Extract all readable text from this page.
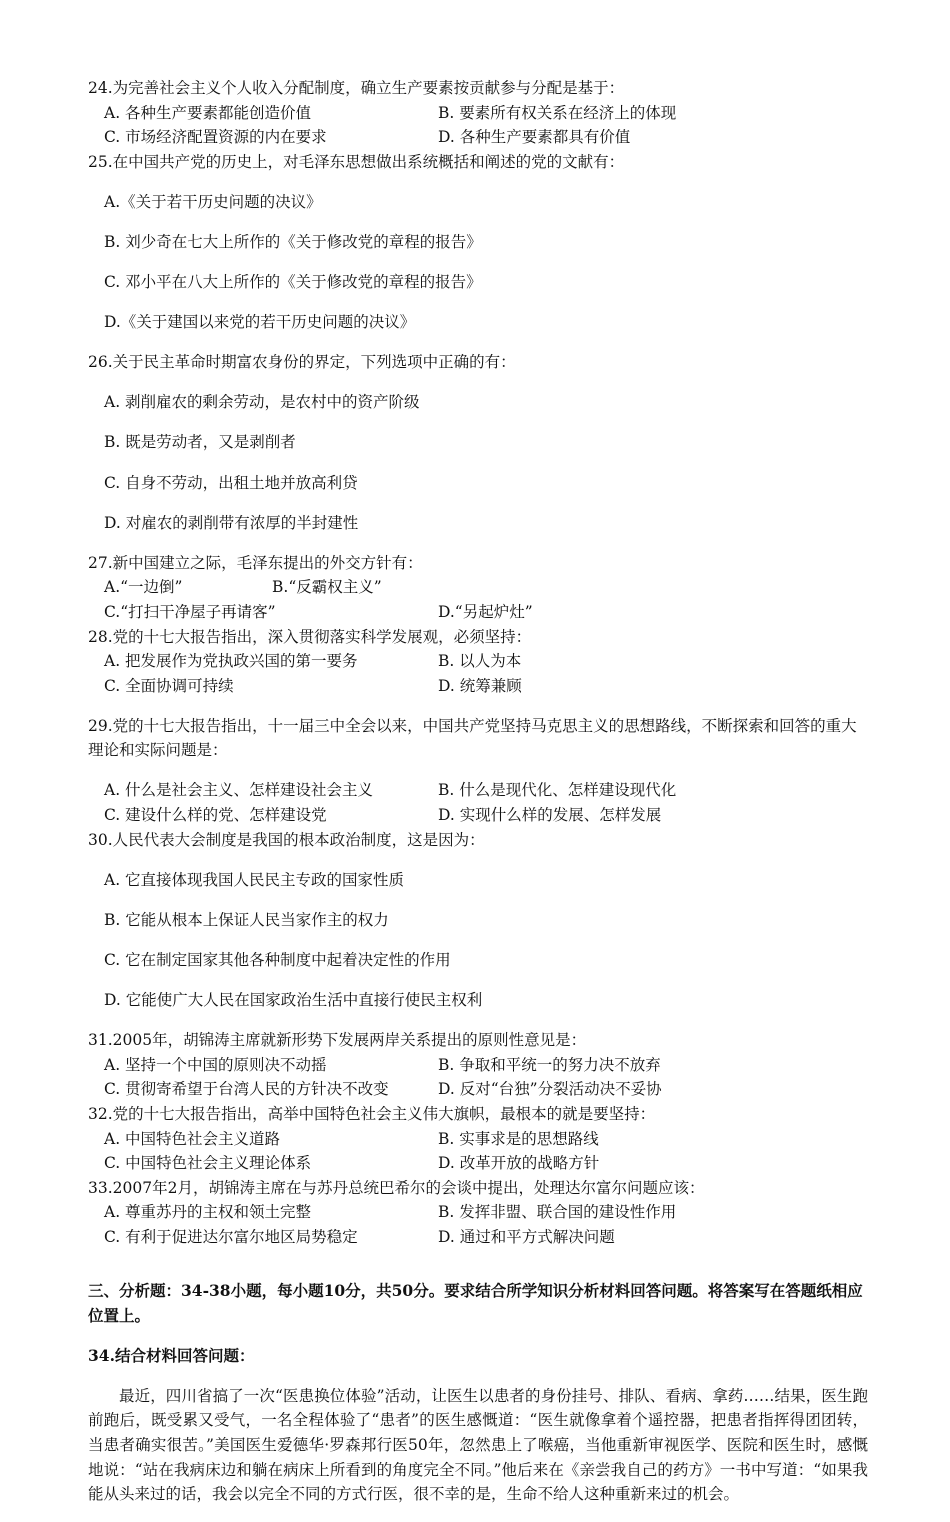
24.为完善社会主义个人收入分配制度，确立生产要素按贡献参与分配是基于：

A. 各种生产要素都能创造价值	B. 要素所有权关系在经济上的体现
C. 市场经济配置资源的内在要求	D. 各种生产要素都具有价值

25.在中国共产党的历史上，对毛泽东思想做出系统概括和阐述的党的文献有：

A.《关于若干历史问题的决议》

B. 刘少奇在七大上所作的《关于修改党的章程的报告》

C. 邓小平在八大上所作的《关于修改党的章程的报告》

D.《关于建国以来党的若干历史问题的决议》

26.关于民主革命时期富农身份的界定，下列选项中正确的有：

A. 剥削雇农的剩余劳动，是农村中的资产阶级

B. 既是劳动者，又是剥削者

C. 自身不劳动，出租土地并放高利贷

D. 对雇农的剥削带有浓厚的半封建性

27.新中国建立之际，毛泽东提出的外交方针有：

A.“一边倒”	B.“反霸权主义”
C.“打扫干净屋子再请客”	D.“另起炉灶”

28.党的十七大报告指出，深入贯彻落实科学发展观，必须坚持：

A. 把发展作为党执政兴国的第一要务	B. 以人为本
C. 全面协调可持续	D. 统筹兼顾

29.党的十七大报告指出，十一届三中全会以来，中国共产党坚持马克思主义的思想路线，不断探索和回答的重大理论和实际问题是：

A. 什么是社会主义、怎样建设社会主义	B. 什么是现代化、怎样建设现代化
C. 建设什么样的党、怎样建设党	D. 实现什么样的发展、怎样发展

30.人民代表大会制度是我国的根本政治制度，这是因为：

A. 它直接体现我国人民民主专政的国家性质

B. 它能从根本上保证人民当家作主的权力

C. 它在制定国家其他各种制度中起着决定性的作用

D. 它能使广大人民在国家政治生活中直接行使民主权利

31.2005年，胡锦涛主席就新形势下发展两岸关系提出的原则性意见是：

A. 坚持一个中国的原则决不动摇	B. 争取和平统一的努力决不放弃
C. 贯彻寄希望于台湾人民的方针决不改变	D. 反对“台独”分裂活动决不妥协

32.党的十七大报告指出，高举中国特色社会主义伟大旗帜，最根本的就是要坚持：

A. 中国特色社会主义道路	B. 实事求是的思想路线
C. 中国特色社会主义理论体系	D. 改革开放的战略方针

33.2007年2月，胡锦涛主席在与苏丹总统巴希尔的会谈中提出，处理达尔富尔问题应该：

A. 尊重苏丹的主权和领土完整	B. 发挥非盟、联合国的建设性作用
C. 有利于促进达尔富尔地区局势稳定	D. 通过和平方式解决问题

三、分析题：34-38小题，每小题10分，共50分。要求结合所学知识分析材料回答问题。将答案写在答题纸相应位置上。

34.结合材料回答问题：

最近，四川省搞了一次“医患换位体验”活动，让医生以患者的身份挂号、排队、看病、拿药……结果，医生跑前跑后，既受累又受气，一名全程体验了“患者”的医生感慨道：“医生就像拿着个遥控器，把患者指挥得团团转，当患者确实很苦。”美国医生爱德华·罗森邦行医50年，忽然患上了喉癌，当他重新审视医学、医院和医生时，感慨地说：“站在我病床边和躺在病床上所看到的角度完全不同。”他后来在《亲尝我自己的药方》一书中写道：“如果我能从头来过的话，我会以完全不同的方式行医，很不幸的是，生命不给人这种重新来过的机会。
